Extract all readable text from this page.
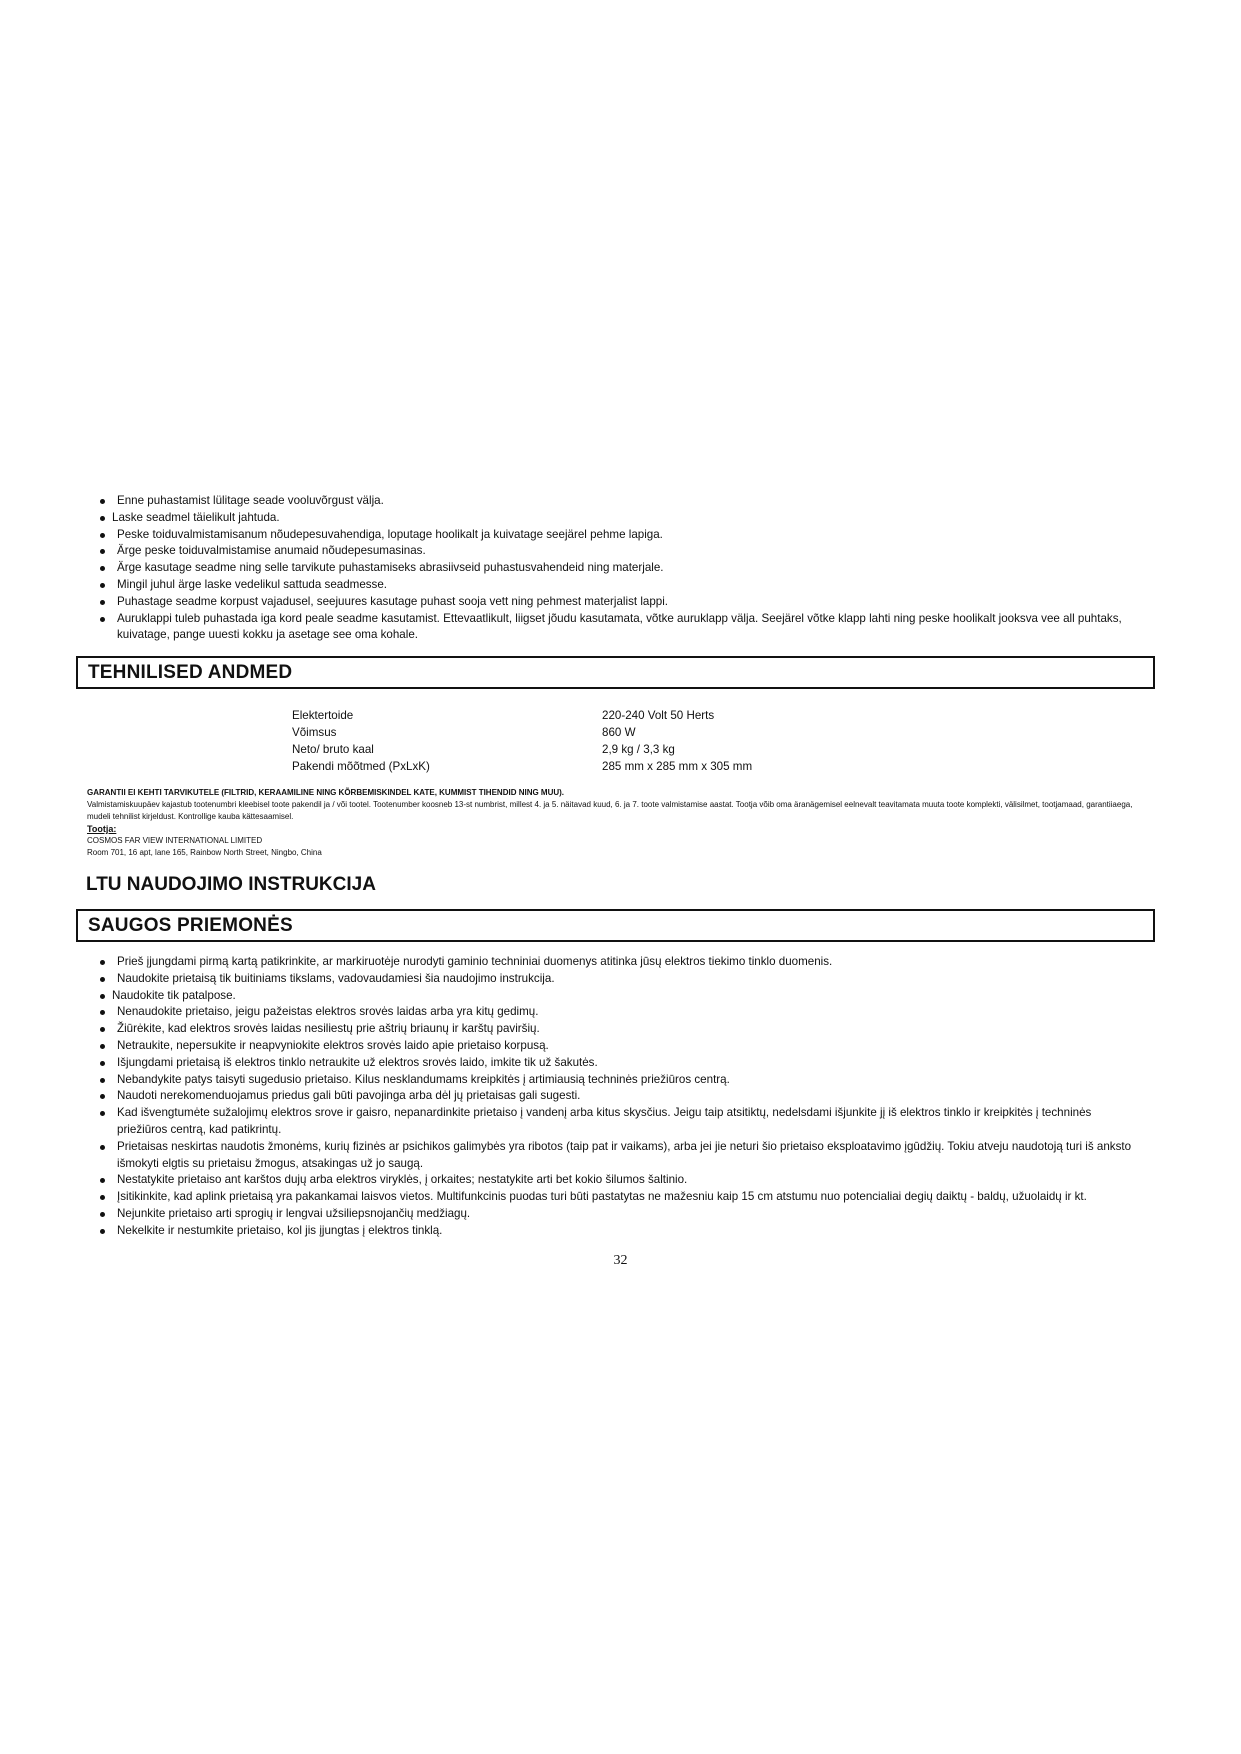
Enne puhastamist lülitage seade vooluvõrgust välja.
Laske seadmel täielikult jahtuda.
Peske toiduvalmistamisanum nõudepesuvahendiga, loputage hoolikalt ja kuivatage seejärel pehme lapiga.
Ärge peske toiduvalmistamise anumaid nõudepesumasinas.
Ärge kasutage seadme ning selle tarvikute puhastamiseks abrasiivseid puhastusvahendeid ning materjale.
Mingil juhul ärge laske vedelikul sattuda seadmesse.
Puhastage seadme korpust vajadusel, seejuures kasutage puhast sooja vett ning pehmest materjalist lappi.
Auruklappi tuleb puhastada iga kord peale seadme kasutamist. Ettevaatlikult, liigset jõudu kasutamata, võtke auruklapp välja. Seejärel võtke klapp lahti ning peske hoolikalt jooksva vee all puhtaks, kuivatage, pange uuesti kokku ja asetage see oma kohale.
TEHNILISED ANDMED
Elektertoide	220-240 Volt 50 Herts
Võimsus	860 W
Neto/ bruto kaal	2,9 kg / 3,3 kg
Pakendi mõõtmed (PxLxK)	285 mm x 285 mm x 305 mm
GARANTII EI KEHTI TARVIKUTELE (FILTRID, KERAAMILINE NING KÕRBEMISKINDEL KATE, KUMMIST TIHENDID NING MUU).
Valmistamiskuupäev kajastub tootenumbri kleebisel toote pakendil ja / või tootel. Tootenumber koosneb 13-st numbrist, millest 4. ja 5. näitavad kuud, 6. ja 7. toote valmistamise aastat. Tootja võib oma äranägemisel eelnevalt teavitamata muuta toote komplekti, välisilmet, tootjamaad, garantiiaega, mudeli tehnilist kirjeldust. Kontrollige kauba kättesaamisel.
Tootja:
COSMOS FAR VIEW INTERNATIONAL LIMITED
Room 701, 16 apt, lane 165, Rainbow North Street, Ningbo, China
LTU NAUDOJIMO INSTRUKCIJA
SAUGOS PRIEMONĖS
Prieš įjungdami pirmą kartą patikrinkite, ar markiruotėje nurodyti gaminio techniniai duomenys atitinka jūsų elektros tiekimo tinklo duomenis.
Naudokite prietaisą tik buitiniams tikslams, vadovaudamiesi šia naudojimo instrukcija.
Naudokite tik patalpose.
Nenaudokite prietaiso, jeigu pažeistas elektros srovės laidas arba yra kitų gedimų.
Žiūrėkite, kad elektros srovės laidas nesiliestų prie aštrių briaunų ir karštų paviršių.
Netraukite, nepersukite ir neapvyniokite elektros srovės laido apie prietaiso korpusą.
Išjungdami prietaisą iš elektros tinklo netraukite už elektros srovės laido, imkite tik už šakutės.
Nebandykite patys taisyti sugedusio prietaiso. Kilus nesklandumams kreipkitės į artimiausią techninės priežiūros centrą.
Naudoti nerekomenduojamus priedus gali būti pavojinga arba dėl jų prietaisas gali sugesti.
Kad išvengtumėte sužalojimų elektros srove ir gaisro, nepanardinkite prietaiso į vandenį arba kitus skysčius. Jeigu taip atsitiktų, nedelsdami išjunkite jį iš elektros tinklo ir kreipkitės į techninės priežiūros centrą, kad patikrintų.
Prietaisas neskirtas naudotis žmonėms, kurių fizinės ar psichikos galimybės yra ribotos (taip pat ir vaikams), arba jei jie neturi šio prietaiso eksploatavimo įgūdžių. Tokiu atveju naudotoją turi iš anksto išmokyti elgtis su prietaisu žmogus, atsakingas už jo saugą.
Nestatykite prietaiso ant karštos dujų arba elektros viryklės, į orkaites; nestatykite arti bet kokio šilumos šaltinio.
Įsitikinkite, kad aplink prietaisą yra pakankamai laisvos vietos. Multifunkcinis puodas turi būti pastatytas ne mažesniu kaip 15 cm atstumu nuo potencialiai degių daiktų - baldų, užuolaidų ir kt.
Nejunkite prietaiso arti sprogių ir lengvai užsiliepsnojančių medžiagų.
Nekelkite ir nestumkite prietaiso, kol jis įjungtas į elektros tinklą.
32
